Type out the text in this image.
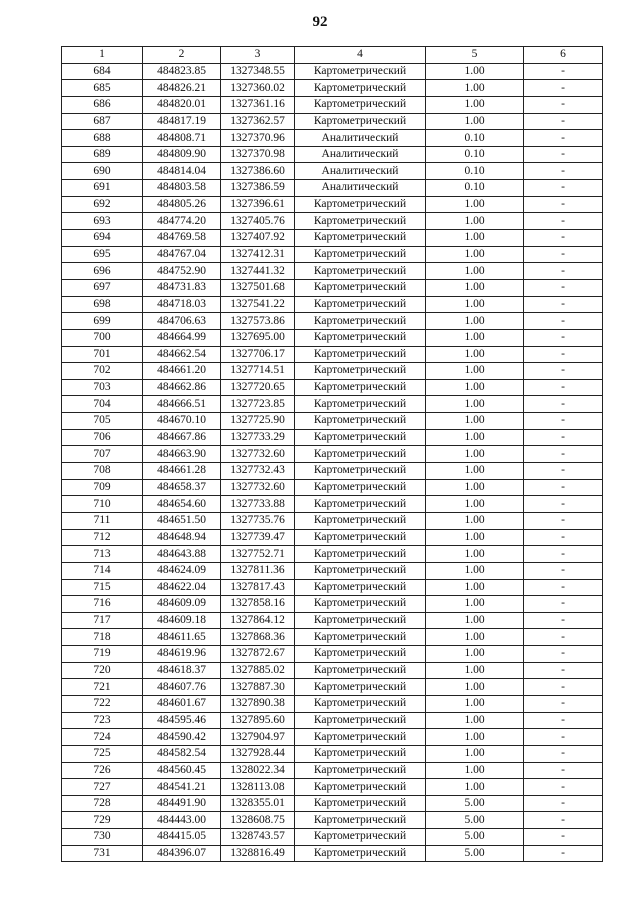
92
1	2	3	4	5	6
684	484823.85	1327348.55	Картометрический	1.00	-
685	484826.21	1327360.02	Картометрический	1.00	-
686	484820.01	1327361.16	Картометрический	1.00	-
687	484817.19	1327362.57	Картометрический	1.00	-
688	484808.71	1327370.96	Аналитический	0.10	-
689	484809.90	1327370.98	Аналитический	0.10	-
690	484814.04	1327386.60	Аналитический	0.10	-
691	484803.58	1327386.59	Аналитический	0.10	-
692	484805.26	1327396.61	Картометрический	1.00	-
693	484774.20	1327405.76	Картометрический	1.00	-
694	484769.58	1327407.92	Картометрический	1.00	-
695	484767.04	1327412.31	Картометрический	1.00	-
696	484752.90	1327441.32	Картометрический	1.00	-
697	484731.83	1327501.68	Картометрический	1.00	-
698	484718.03	1327541.22	Картометрический	1.00	-
699	484706.63	1327573.86	Картометрический	1.00	-
700	484664.99	1327695.00	Картометрический	1.00	-
701	484662.54	1327706.17	Картометрический	1.00	-
702	484661.20	1327714.51	Картометрический	1.00	-
703	484662.86	1327720.65	Картометрический	1.00	-
704	484666.51	1327723.85	Картометрический	1.00	-
705	484670.10	1327725.90	Картометрический	1.00	-
706	484667.86	1327733.29	Картометрический	1.00	-
707	484663.90	1327732.60	Картометрический	1.00	-
708	484661.28	1327732.43	Картометрический	1.00	-
709	484658.37	1327732.60	Картометрический	1.00	-
710	484654.60	1327733.88	Картометрический	1.00	-
711	484651.50	1327735.76	Картометрический	1.00	-
712	484648.94	1327739.47	Картометрический	1.00	-
713	484643.88	1327752.71	Картометрический	1.00	-
714	484624.09	1327811.36	Картометрический	1.00	-
715	484622.04	1327817.43	Картометрический	1.00	-
716	484609.09	1327858.16	Картометрический	1.00	-
717	484609.18	1327864.12	Картометрический	1.00	-
718	484611.65	1327868.36	Картометрический	1.00	-
719	484619.96	1327872.67	Картометрический	1.00	-
720	484618.37	1327885.02	Картометрический	1.00	-
721	484607.76	1327887.30	Картометрический	1.00	-
722	484601.67	1327890.38	Картометрический	1.00	-
723	484595.46	1327895.60	Картометрический	1.00	-
724	484590.42	1327904.97	Картометрический	1.00	-
725	484582.54	1327928.44	Картометрический	1.00	-
726	484560.45	1328022.34	Картометрический	1.00	-
727	484541.21	1328113.08	Картометрический	1.00	-
728	484491.90	1328355.01	Картометрический	5.00	-
729	484443.00	1328608.75	Картометрический	5.00	-
730	484415.05	1328743.57	Картометрический	5.00	-
731	484396.07	1328816.49	Картометрический	5.00	-
